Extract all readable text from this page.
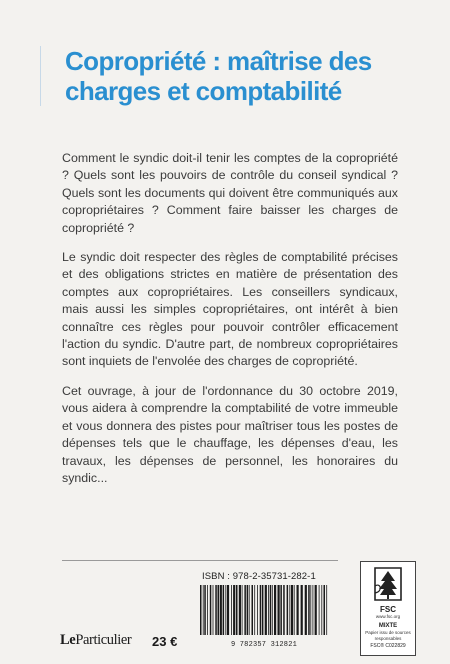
Copropriété : maîtrise des
charges et comptabilité

Comment le syndic doit-il tenir les comptes de la copropriété ? Quels sont les pouvoirs de contrôle du conseil syndical ? Quels sont les documents qui doivent être communiqués aux copropriétaires ? Comment faire baisser les charges de copropriété ?

Le syndic doit respecter des règles de comptabilité précises et des obligations strictes en matière de présentation des comptes aux copropriétaires. Les conseillers syndicaux, mais aussi les simples copropriétaires, ont intérêt à bien connaître ces règles pour pouvoir contrôler efficacement l'action du syndic. D'autre part, de nombreux copropriétaires sont inquiets de l'envolée des charges de copropriété.

Cet ouvrage, à jour de l'ordonnance du 30 octobre 2019, vous aidera à comprendre la comptabilité de votre immeuble et vous donnera des pistes pour maîtriser tous les postes de dépenses tels que le chauffage, les dépenses d'eau, les travaux, les dépenses de personnel, les honoraires du syndic...

ISBN : 978-2-35731-282-1
9 782357 312821
FSC
www.fsc.org
MIXTE
Papier issu de sources responsables
FSC® C022829
LeParticulier 23 €
